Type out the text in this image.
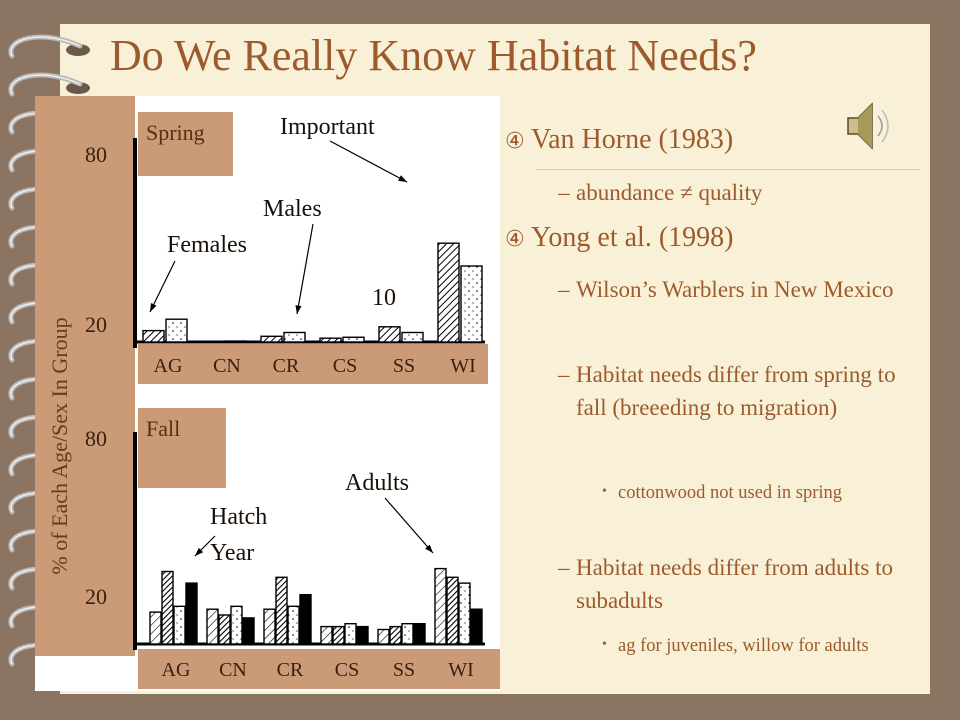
Do We Really Know Habitat Needs?
% of Each Age/Sex In Group
Spring
80
20
AG CN CR CS SS WI
Fall
80
20
AG CN CR CS SS WI
Important
Males
Females
10
Adults
Hatch
Year
④ Van Horne (1983)
– abundance ≠ quality
④ Yong et al. (1998)
– Wilson’s Warblers in New Mexico
– Habitat needs differ from spring to fall (breeeding to migration)
• cottonwood not used in spring
– Habitat needs differ from adults to subadults
• ag for juveniles, willow for adults
